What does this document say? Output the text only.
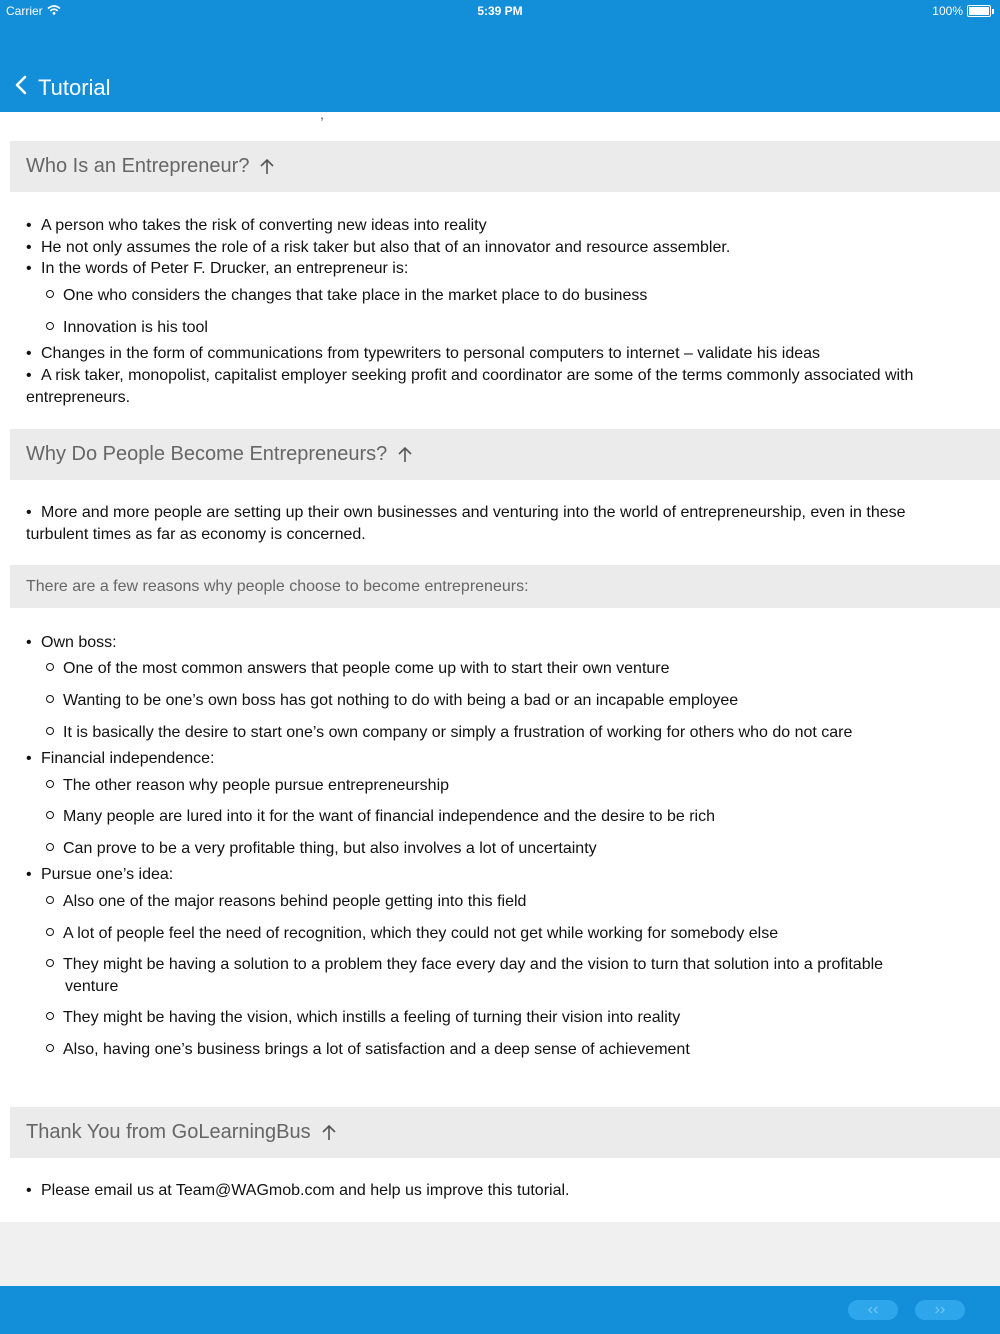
Carrier	5:39 PM	100%
Tutorial
,
Who Is an Entrepreneur?
• A person who takes the risk of converting new ideas into reality
• He not only assumes the role of a risk taker but also that of an innovator and resource assembler.
• In the words of Peter F. Drucker, an entrepreneur is:
One who considers the changes that take place in the market place to do business
Innovation is his tool
• Changes in the form of communications from typewriters to personal computers to internet – validate his ideas
• A risk taker, monopolist, capitalist employer seeking profit and coordinator are some of the terms commonly associated with
entrepreneurs.
Why Do People Become Entrepreneurs?
• More and more people are setting up their own businesses and venturing into the world of entrepreneurship, even in these
turbulent times as far as economy is concerned.
There are a few reasons why people choose to become entrepreneurs:
• Own boss:
One of the most common answers that people come up with to start their own venture
Wanting to be one’s own boss has got nothing to do with being a bad or an incapable employee
It is basically the desire to start one’s own company or simply a frustration of working for others who do not care
• Financial independence:
The other reason why people pursue entrepreneurship
Many people are lured into it for the want of financial independence and the desire to be rich
Can prove to be a very profitable thing, but also involves a lot of uncertainty
• Pursue one’s idea:
Also one of the major reasons behind people getting into this field
A lot of people feel the need of recognition, which they could not get while working for somebody else
They might be having a solution to a problem they face every day and the vision to turn that solution into a profitable
venture
They might be having the vision, which instills a feeling of turning their vision into reality
Also, having one’s business brings a lot of satisfaction and a deep sense of achievement
Thank You from GoLearningBus
• Please email us at Team@WAGmob.com and help us improve this tutorial.
‹‹	››
